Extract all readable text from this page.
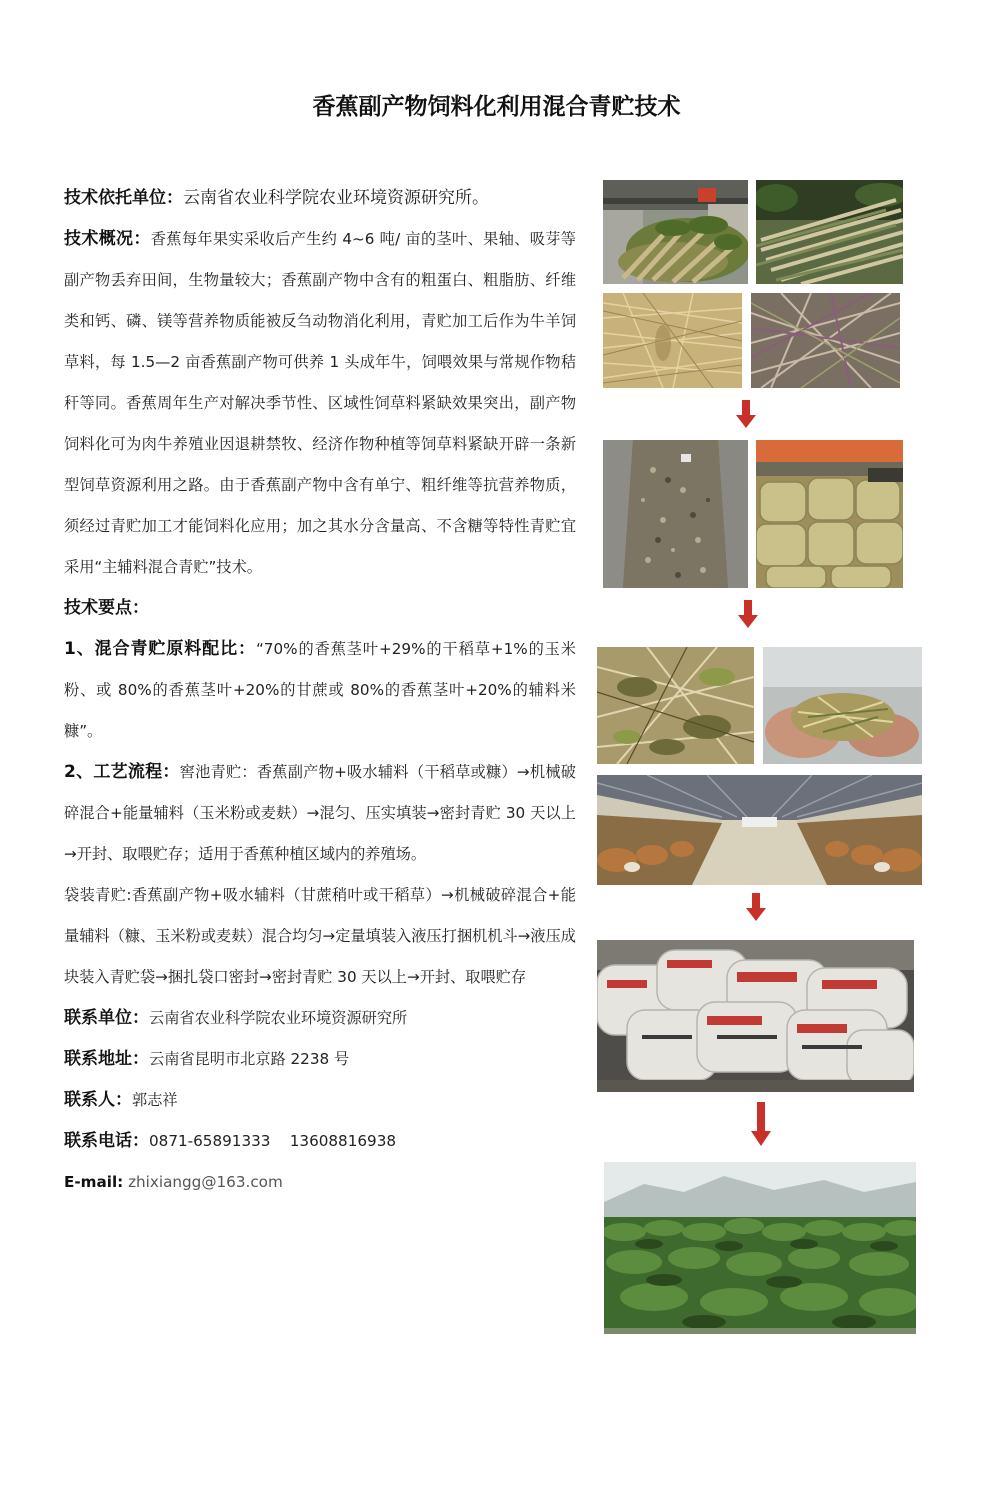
香蕉副产物饲料化利用混合青贮技术

技术依托单位：云南省农业科学院农业环境资源研究所。

技术概况：香蕉每年果实采收后产生约 4~6 吨/ 亩的茎叶、果轴、吸芽等副产物丢弃田间，生物量较大；香蕉副产物中含有的粗蛋白、粗脂肪、纤维类和钙、磷、镁等营养物质能被反刍动物消化利用，青贮加工后作为牛羊饲草料，每 1.5—2 亩香蕉副产物可供养 1 头成年牛，饲喂效果与常规作物秸秆等同。香蕉周年生产对解决季节性、区域性饲草料紧缺效果突出，副产物饲料化可为肉牛养殖业因退耕禁牧、经济作物种植等饲草料紧缺开辟一条新型饲草资源利用之路。由于香蕉副产物中含有单宁、粗纤维等抗营养物质，须经过青贮加工才能饲料化应用；加之其水分含量高、不含糖等特性青贮宜采用“主辅料混合青贮”技术。

技术要点：

1、混合青贮原料配比：“70%的香蕉茎叶+29%的干稻草+1%的玉米粉、或 80%的香蕉茎叶+20%的甘蔗或 80%的香蕉茎叶+20%的辅料米糠”。

2、工艺流程：窖池青贮：香蕉副产物+吸水辅料（干稻草或糠）→机械破碎混合+能量辅料（玉米粉或麦麸）→混匀、压实填装→密封青贮 30 天以上→开封、取喂贮存；适用于香蕉种植区域内的养殖场。

袋装青贮:香蕉副产物+吸水辅料（甘蔗稍叶或干稻草）→机械破碎混合+能量辅料（糠、玉米粉或麦麸）混合均匀→定量填装入液压打捆机机斗→液压成块装入青贮袋→捆扎袋口密封→密封青贮 30 天以上→开封、取喂贮存

联系单位：云南省农业科学院农业环境资源研究所

联系地址：云南省昆明市北京路 2238 号

联系人：郭志祥

联系电话：0871-65891333    13608816938

E-mail: zhixiangg@163.com
